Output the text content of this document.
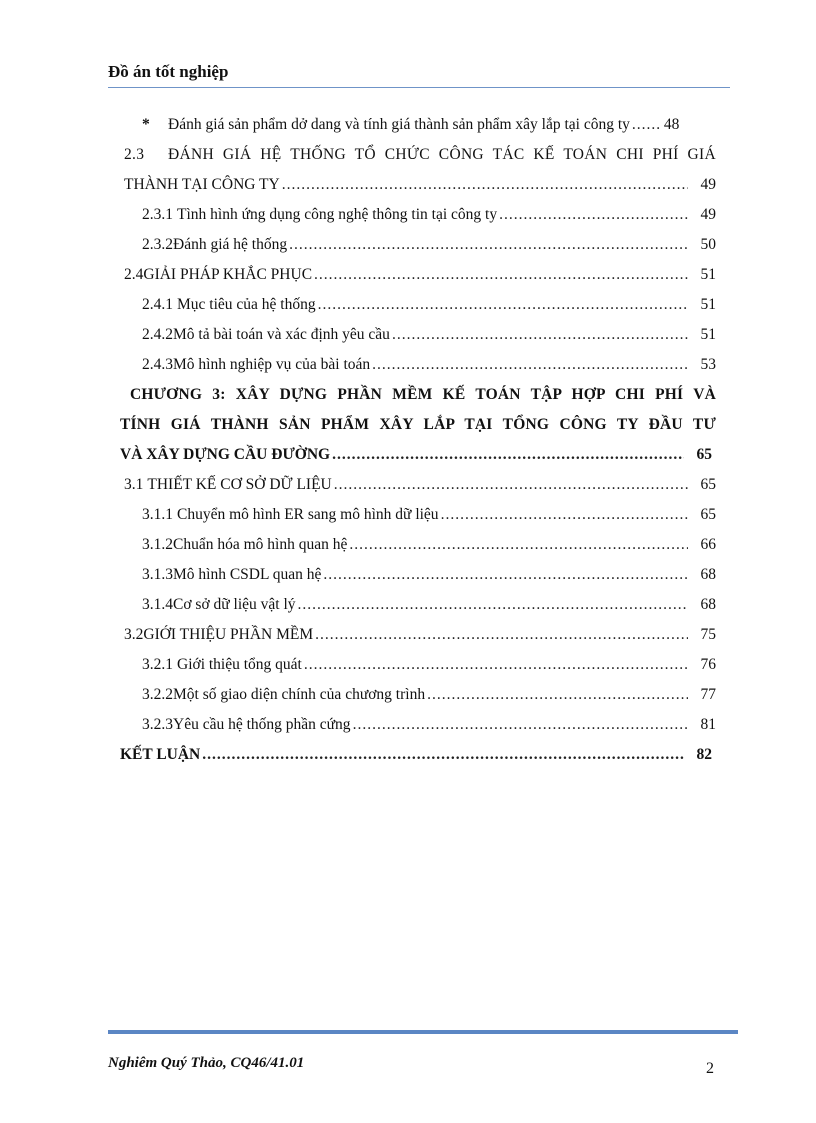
Đồ án tốt nghiệp
*	Đánh giá sản phẩm dở dang và tính giá thành sản phẩm xây lắp tại công ty ..... 48
2.3 ĐÁNH GIÁ HỆ THỐNG TỔ CHỨC CÔNG TÁC KẾ TOÁN CHI PHÍ GIÁ
THÀNH TẠI CÔNG TY .....	49
2.3.1 Tình hình ứng dụng công nghệ thông tin tại công ty .....	49
2.3.2 Đánh giá hệ thống .....	50
2.4 GIẢI PHÁP KHẮC PHỤC .....	51
2.4.1 Mục tiêu của hệ thống .....	51
2.4.2 Mô tả bài toán và xác định yêu cầu .....	51
2.4.3 Mô hình nghiệp vụ của bài toán .....	53
CHƯƠNG 3: XÂY DỰNG PHẦN MỀM KẾ TOÁN TẬP HỢP CHI PHÍ VÀ
TÍNH GIÁ THÀNH SẢN PHẨM XÂY LẮP TẠI TỔNG CÔNG TY ĐẦU TƯ
VÀ XÂY DỰNG CẦU ĐƯỜNG .....	65
3.1 THIẾT KẾ CƠ SỞ DỮ LIỆU .....	65
3.1.1 Chuyển mô hình ER sang mô hình dữ liệu .....	65
3.1.2 Chuẩn hóa mô hình quan hệ .....	66
3.1.3 Mô hình CSDL quan hệ .....	68
3.1.4 Cơ sở dữ liệu vật lý .....	68
3.2 GIỚI THIỆU PHẦN MỀM .....	75
3.2.1 Giới thiệu tổng quát .....	76
3.2.2 Một số giao diện chính của chương trình .....	77
3.2.3 Yêu cầu hệ thống phần cứng .....	81
KẾT LUẬN .....	82
Nghiêm Quý Thảo, CQ46/41.01	2
